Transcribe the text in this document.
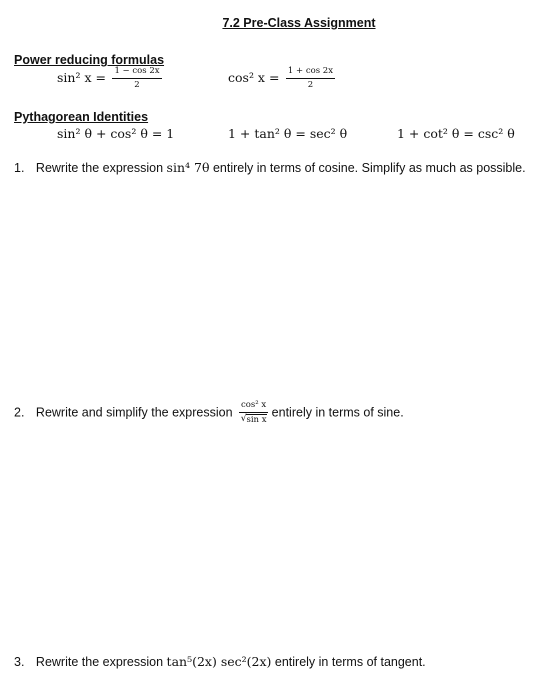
7.2 Pre-Class Assignment
Power reducing formulas
sin² $x = \frac{1 - \cos 2x}{2}$	cos² $x = \frac{1 + \cos 2x}{2}$
Pythagorean Identities
sin² θ + cos² θ = 1	1 + tan² θ = sec² θ	1 + cot² θ = csc² θ
1. Rewrite the expression sin⁴ 7θ entirely in terms of cosine. Simplify as much as possible.
2. Rewrite and simplify the expression $\frac{\text{cos² x}}{\text{√ sin x}}$ entirely in terms of sine.
3. Rewrite the expression tan⁵(2x) sec²(2x) entirely in terms of tangent.
